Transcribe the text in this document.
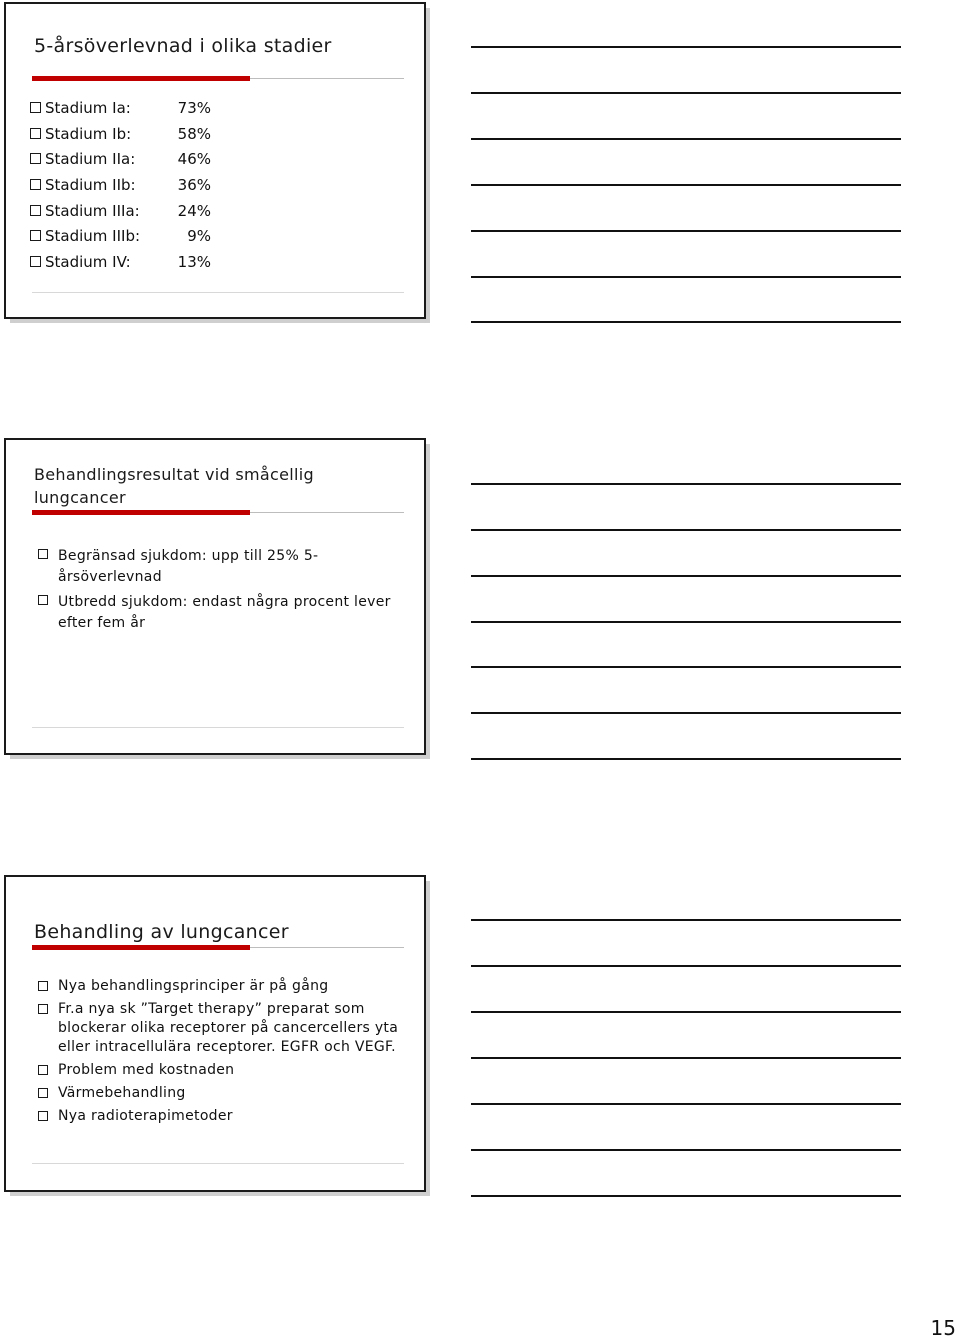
5-årsöverlevnad i olika stadier
Stadium Ia:	73%
Stadium Ib:	58%
Stadium IIa:	46%
Stadium IIb:	36%
Stadium IIIa:	24%
Stadium IIIb:	9%
Stadium IV:	13%
Behandlingsresultat vid småcellig lungcancer
Begränsad sjukdom: upp till 25% 5-årsöverlevnad
Utbredd sjukdom: endast några procent lever efter fem år
Behandling av lungcancer
Nya behandlingsprinciper är på gång
Fr.a nya sk ”Target therapy” preparat som blockerar olika receptorer på cancercellers yta eller intracellulära receptorer. EGFR och VEGF.
Problem med kostnaden
Värmebehandling
Nya radioterapimetoder
15
